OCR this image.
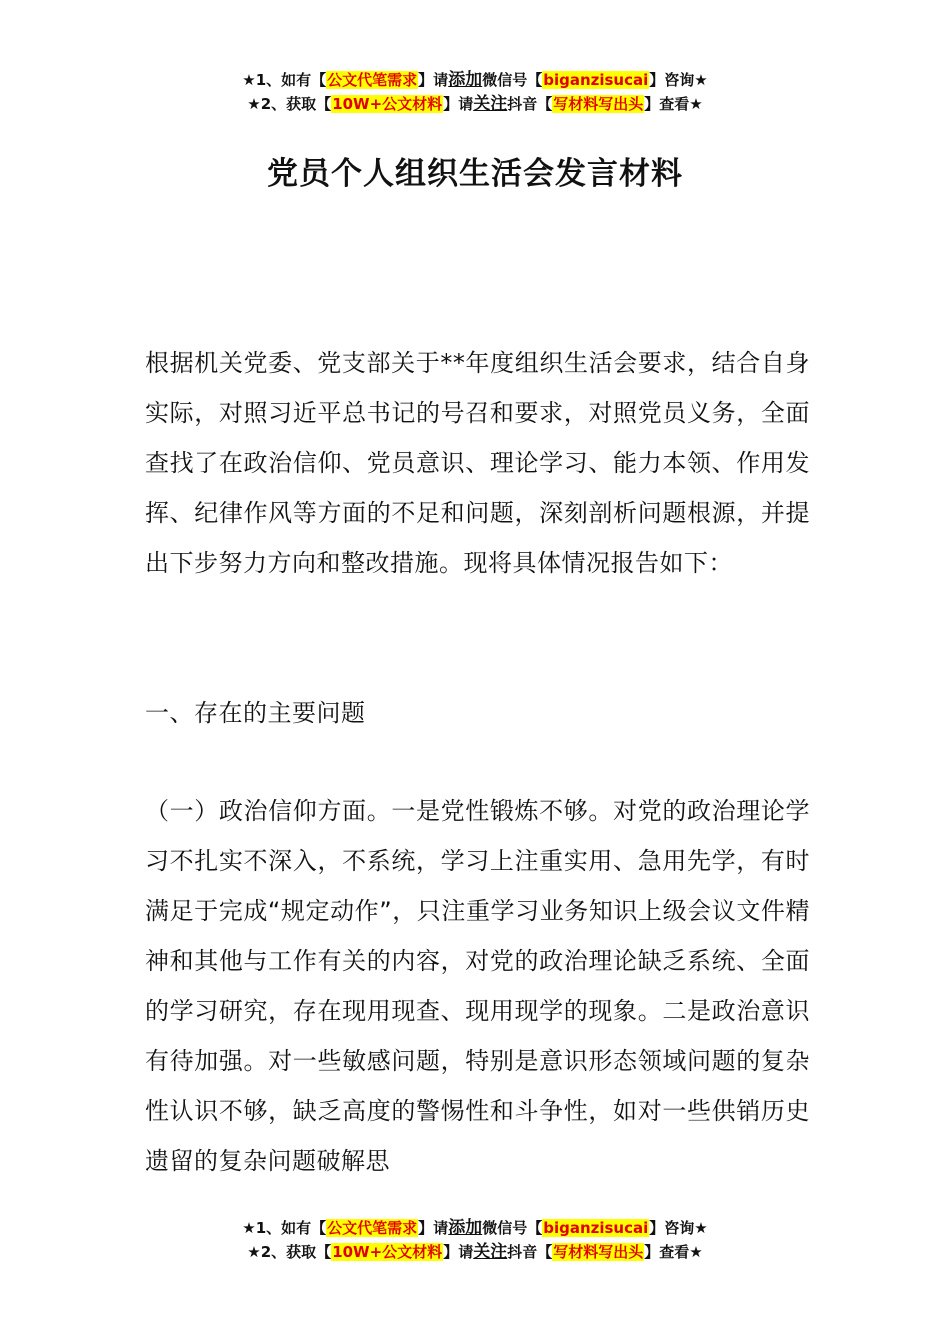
★1、如有【公文代笔需求】请添加微信号【biganzisucai】咨询★
★2、获取【10W+公文材料】请关注抖音【写材料写出头】查看★
党员个人组织生活会发言材料
根据机关党委、党支部关于**年度组织生活会要求，结合自身实际，对照习近平总书记的号召和要求，对照党员义务，全面查找了在政治信仰、党员意识、理论学习、能力本领、作用发挥、纪律作风等方面的不足和问题，深刻剖析问题根源，并提出下步努力方向和整改措施。现将具体情况报告如下：
一、存在的主要问题
（一）政治信仰方面。一是党性锻炼不够。对党的政治理论学习不扎实不深入，不系统，学习上注重实用、急用先学，有时满足于完成“规定动作”，只注重学习业务知识上级会议文件精神和其他与工作有关的内容，对党的政治理论缺乏系统、全面的学习研究，存在现用现查、现用现学的现象。二是政治意识有待加强。对一些敏感问题，特别是意识形态领域问题的复杂性认识不够，缺乏高度的警惕性和斗争性，如对一些供销历史遗留的复杂问题破解思
★1、如有【公文代笔需求】请添加微信号【biganzisucai】咨询★
★2、获取【10W+公文材料】请关注抖音【写材料写出头】查看★
